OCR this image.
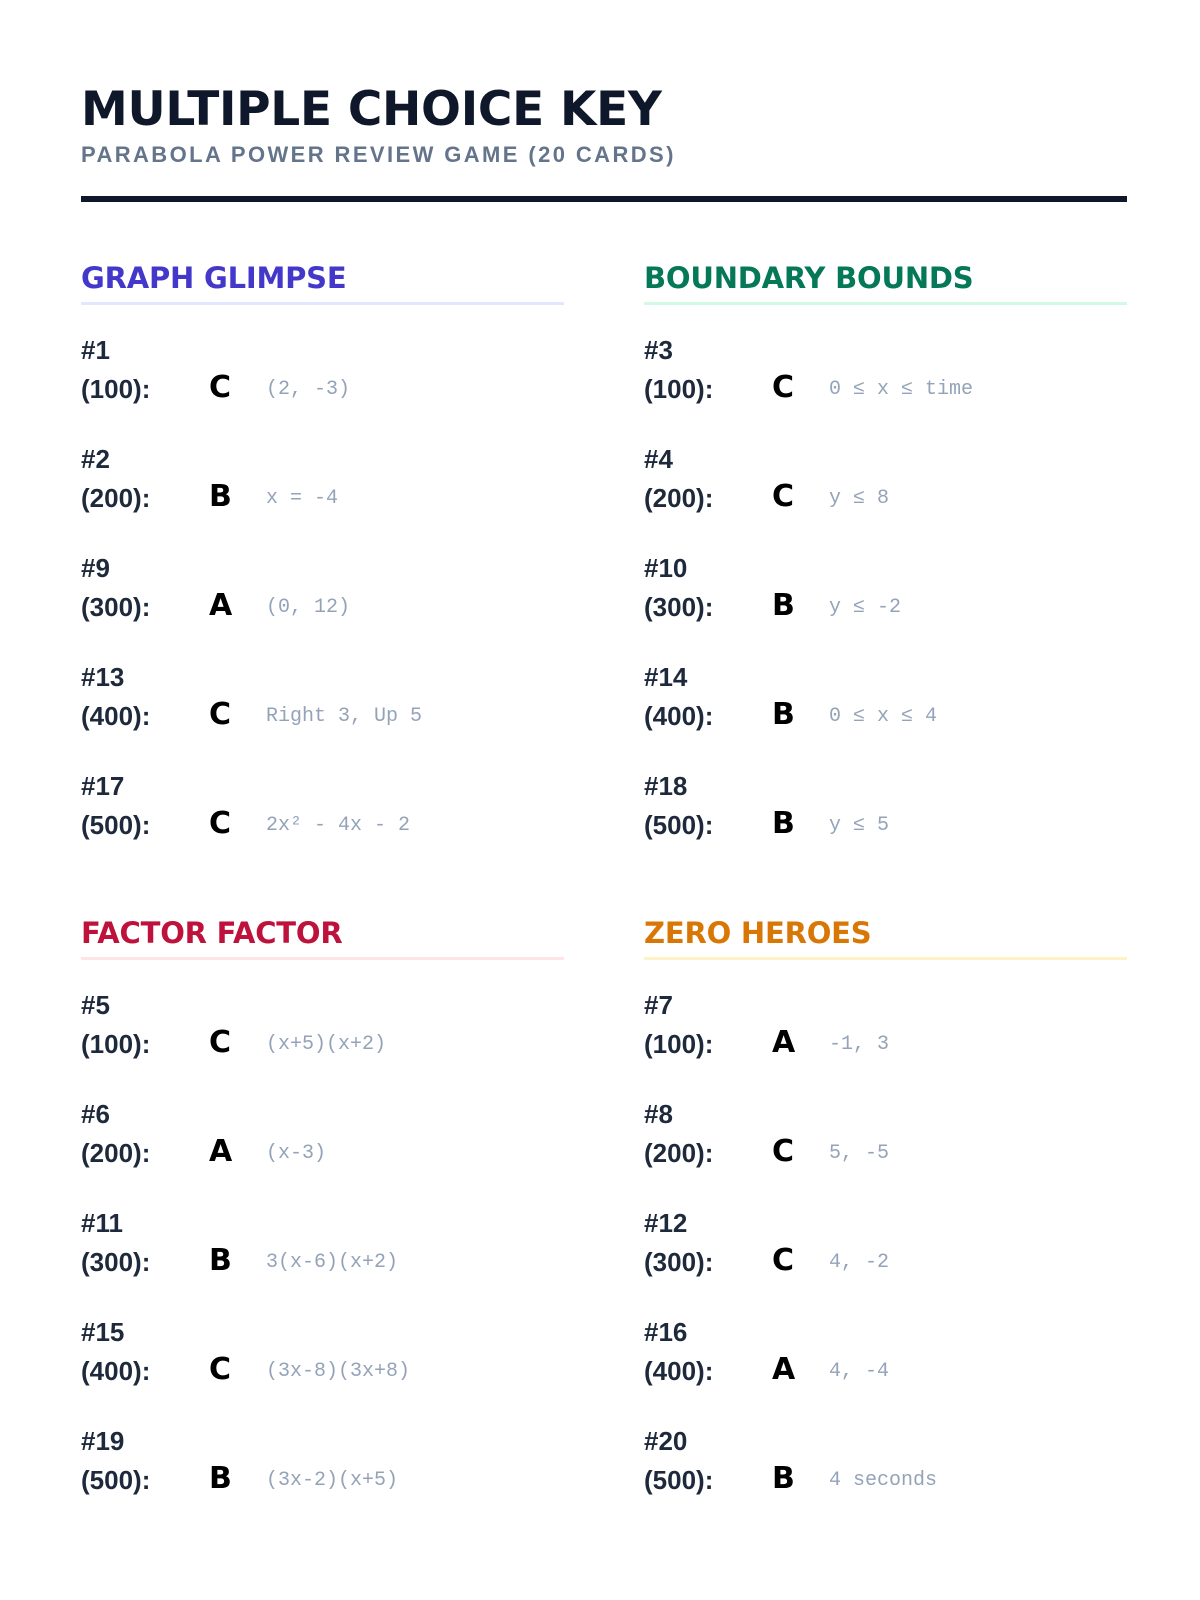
MULTIPLE CHOICE KEY
PARABOLA POWER REVIEW GAME (20 CARDS)
GRAPH GLIMPSE
#1
(100):	C	(2, -3)
#2
(200):	B	x = -4
#9
(300):	A	(0, 12)
#13
(400):	C	Right 3, Up 5
#17
(500):	C	2x² - 4x - 2
BOUNDARY BOUNDS
#3
(100):	C	0 ≤ x ≤ time
#4
(200):	C	y ≤ 8
#10
(300):	B	y ≤ -2
#14
(400):	B	0 ≤ x ≤ 4
#18
(500):	B	y ≤ 5
FACTOR FACTOR
#5
(100):	C	(x+5)(x+2)
#6
(200):	A	(x-3)
#11
(300):	B	3(x-6)(x+2)
#15
(400):	C	(3x-8)(3x+8)
#19
(500):	B	(3x-2)(x+5)
ZERO HEROES
#7
(100):	A	-1, 3
#8
(200):	C	5, -5
#12
(300):	C	4, -2
#16
(400):	A	4, -4
#20
(500):	B	4 seconds
